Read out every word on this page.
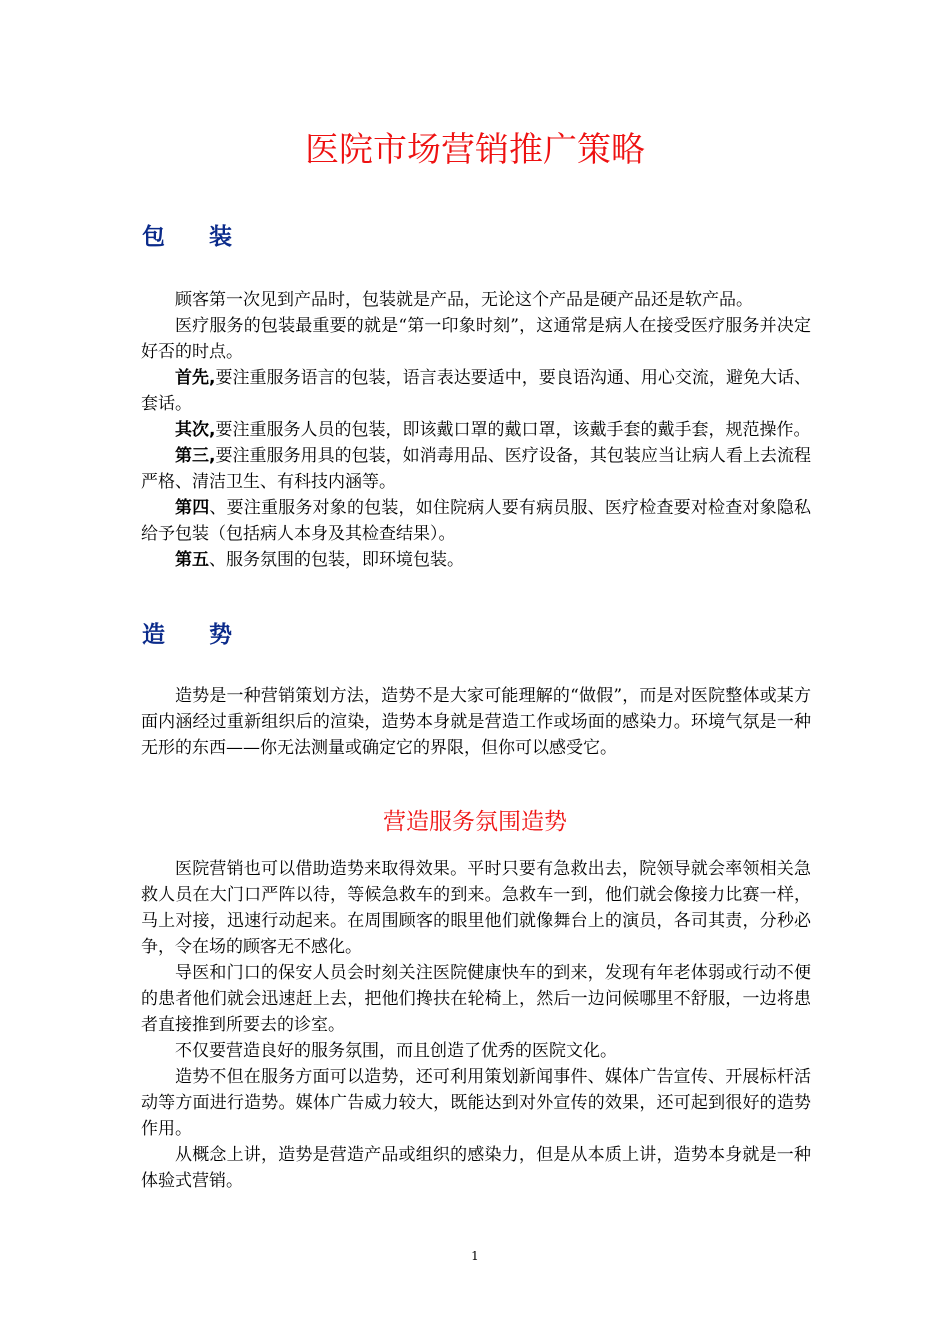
医院市场营销推广策略
包 装

顾客第一次见到产品时，包装就是产品，无论这个产品是硬产品还是软产品。

医疗服务的包装最重要的就是“第一印象时刻”，这通常是病人在接受医疗服务并决定好否的时点。

首先,要注重服务语言的包装，语言表达要适中，要良语沟通、用心交流，避免大话、套话。

其次,要注重服务人员的包装，即该戴口罩的戴口罩，该戴手套的戴手套，规范操作。

第三,要注重服务用具的包装，如消毒用品、医疗设备，其包装应当让病人看上去流程严格、清洁卫生、有科技内涵等。

第四、要注重服务对象的包装，如住院病人要有病员服、医疗检查要对检查对象隐私给予包装（包括病人本身及其检查结果）。

第五、服务氛围的包装，即环境包装。

造 势

造势是一种营销策划方法，造势不是大家可能理解的“做假”，而是对医院整体或某方面内涵经过重新组织后的渲染，造势本身就是营造工作或场面的感染力。环境气氛是一种无形的东西——你无法测量或确定它的界限，但你可以感受它。

营造服务氛围造势

医院营销也可以借助造势来取得效果。平时只要有急救出去，院领导就会率领相关急救人员在大门口严阵以待，等候急救车的到来。急救车一到，他们就会像接力比赛一样，马上对接，迅速行动起来。在周围顾客的眼里他们就像舞台上的演员，各司其责，分秒必争，令在场的顾客无不感化。

导医和门口的保安人员会时刻关注医院健康快车的到来，发现有年老体弱或行动不便的患者他们就会迅速赶上去，把他们搀扶在轮椅上，然后一边问候哪里不舒服，一边将患者直接推到所要去的诊室。

不仅要营造良好的服务氛围，而且创造了优秀的医院文化。

造势不但在服务方面可以造势，还可利用策划新闻事件、媒体广告宣传、开展标杆活动等方面进行造势。媒体广告威力较大，既能达到对外宣传的效果，还可起到很好的造势作用。

从概念上讲，造势是营造产品或组织的感染力，但是从本质上讲，造势本身就是一种体验式营销。

1
